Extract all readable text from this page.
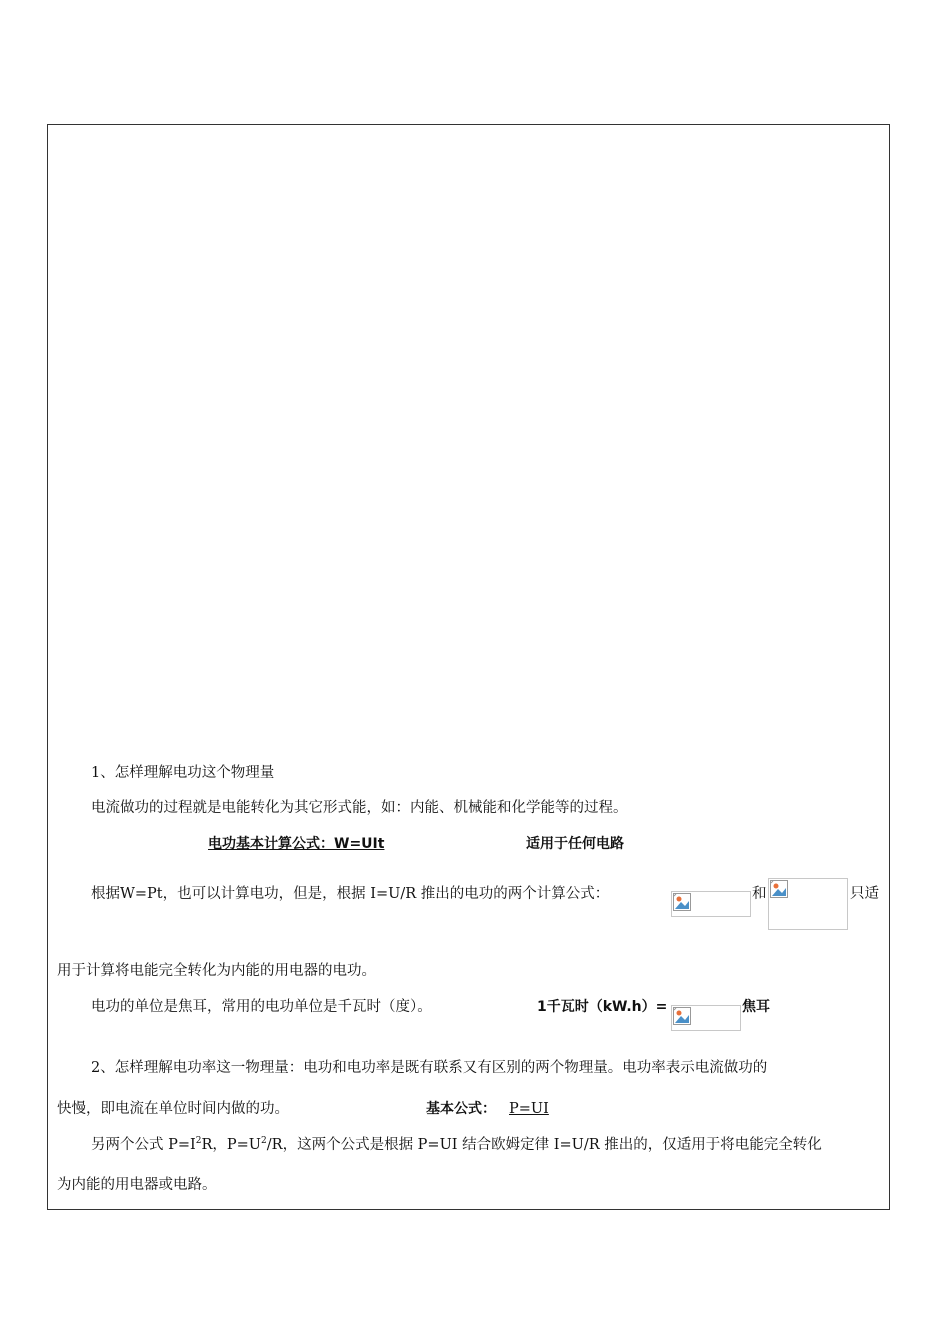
1、怎样理解电功这个物理量
电流做功的过程就是电能转化为其它形式能，如：内能、机械能和化学能等的过程。
电功基本计算公式：W=UIt	适用于任何电路
根据W=Pt，也可以计算电功，但是，根据 I=U/R 推出的电功的两个计算公式：	和	只适
用于计算将电能完全转化为内能的用电器的电功。
电功的单位是焦耳，常用的电功单位是千瓦时（度）。	1千瓦时（kW.h）=	焦耳
2、怎样理解电功率这一物理量：电功和电功率是既有联系又有区别的两个物理量。电功率表示电流做功的
快慢，即电流在单位时间内做的功。	基本公式： P=UI
另两个公式 $P=I^2R$，$P=U^2/R$，这两个公式是根据 P=UI 结合欧姆定律 I=U/R 推出的，仅适用于将电能完全转化
为内能的用电器或电路。
